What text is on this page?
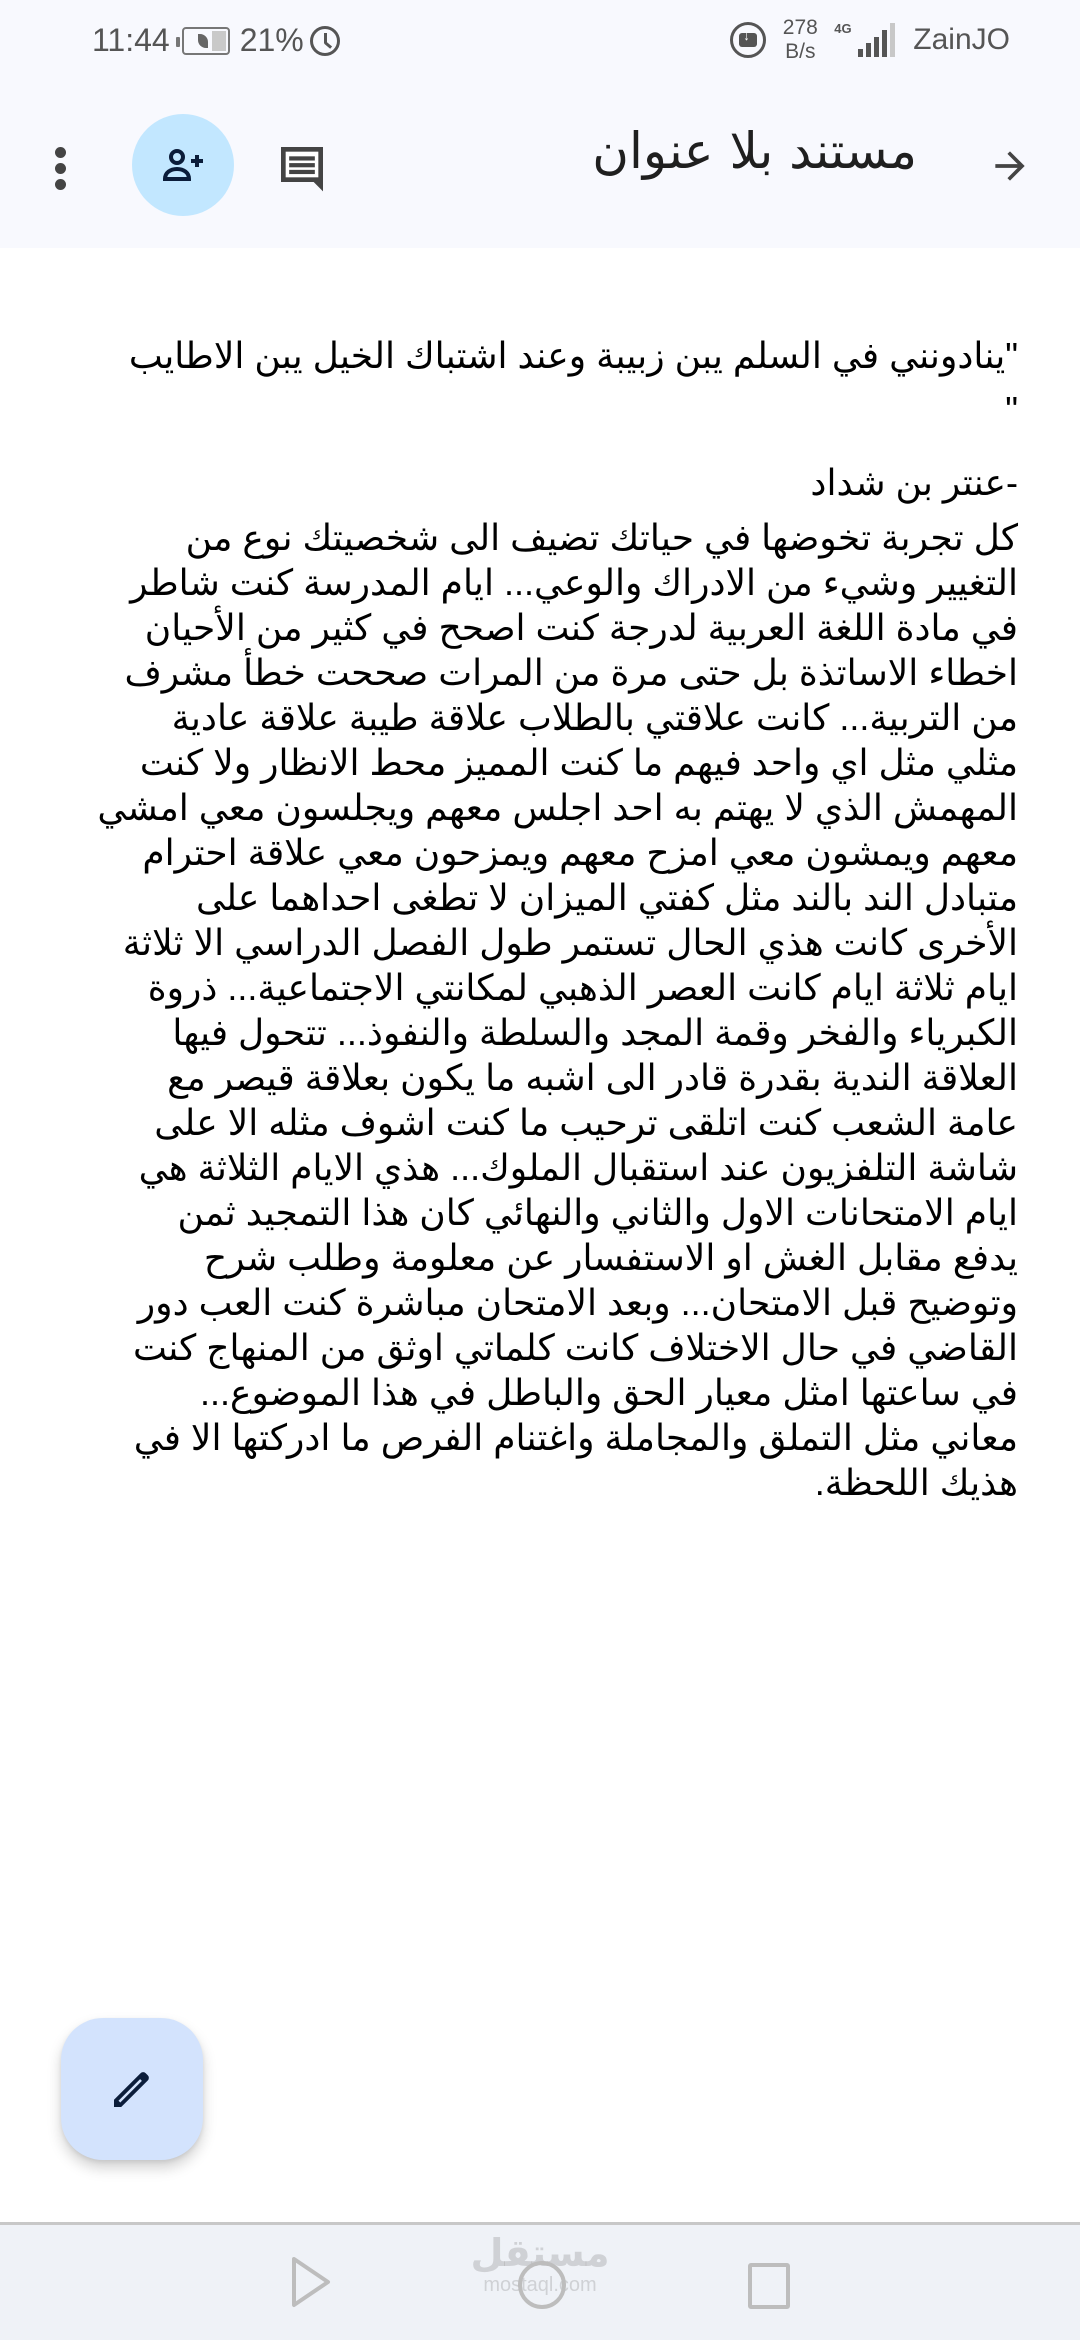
11:44 21%
↓	278
B/s
4G ZainJO
مستند بلا عنوان
"ينادونني في السلم يبن زبيبة وعند اشتباك الخيل يبن الاطايب
"
-عنتر بن شداد
كل تجربة تخوضها في حياتك تضيف الى شخصيتك نوع من
التغيير وشيء من الادراك والوعي... ايام المدرسة كنت شاطر
في مادة اللغة العربية لدرجة كنت اصحح في كثير من الأحيان
اخطاء الاساتذة بل حتى مرة من المرات صححت خطأ مشرف
من التربية... كانت علاقتي بالطلاب علاقة طيبة علاقة عادية
مثلي مثل اي واحد فيهم ما كنت المميز محط الانظار ولا كنت
المهمش الذي لا يهتم به احد اجلس معهم ويجلسون معي امشي
معهم ويمشون معي امزح معهم ويمزحون معي علاقة احترام
متبادل الند بالند مثل كفتي الميزان لا تطغى احداهما على
الأخرى كانت هذي الحال تستمر طول الفصل الدراسي الا ثلاثة
ايام ثلاثة ايام كانت العصر الذهبي لمكانتي الاجتماعية... ذروة
الكبرياء والفخر وقمة المجد والسلطة والنفوذ... تتحول فيها
العلاقة الندية بقدرة قادر الى اشبه ما يكون بعلاقة قيصر مع
عامة الشعب كنت اتلقى ترحيب ما كنت اشوف مثله الا على
شاشة التلفزيون عند استقبال الملوك... هذي الايام الثلاثة هي
ايام الامتحانات الاول والثاني والنهائي كان هذا التمجيد ثمن
يدفع مقابل الغش او الاستفسار عن معلومة وطلب شرح
وتوضيح قبل الامتحان... وبعد الامتحان مباشرة كنت العب دور
القاضي في حال الاختلاف كانت كلماتي اوثق من المنهاج كنت
في ساعتها امثل معيار الحق والباطل في هذا الموضوع...
معاني مثل التملق والمجاملة واغتنام الفرص ما ادركتها الا في
هذيك اللحظة.
مستقل
mostaql.com
